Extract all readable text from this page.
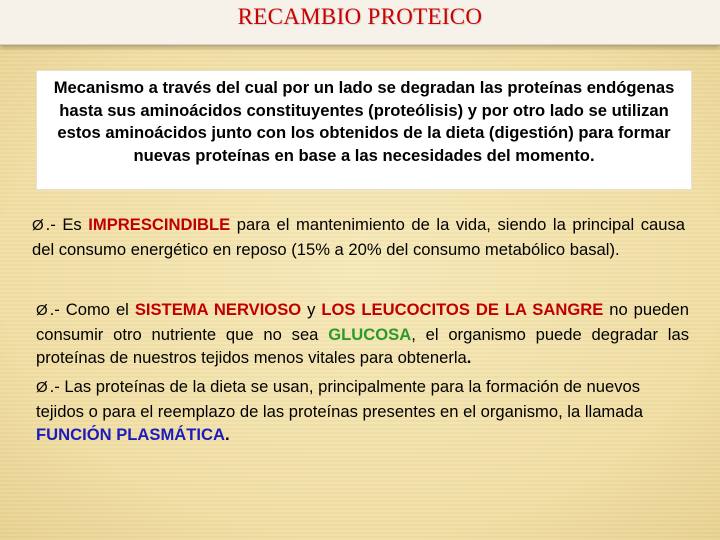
RECAMBIO PROTEICO

Mecanismo a través del cual por un lado se degradan las proteínas endógenas hasta sus aminoácidos constituyentes (proteólisis) y por otro lado se utilizan estos aminoácidos junto con los obtenidos de la dieta (digestión) para formar nuevas proteínas en base a las necesidades del momento.

Ø .- Es IMPRESCINDIBLE para el mantenimiento de la vida, siendo la principal causa del consumo energético en reposo (15% a 20% del consumo metabólico basal).

Ø .- Como el SISTEMA NERVIOSO y LOS LEUCOCITOS DE LA SANGRE no pueden consumir otro nutriente que no sea GLUCOSA, el organismo puede degradar las proteínas de nuestros tejidos menos vitales para obtenerla.

Ø .- Las proteínas de la dieta se usan, principalmente para la formación de nuevos tejidos o para el reemplazo de las proteínas presentes en el organismo, la llamada FUNCIÓN PLASMÁTICA.
